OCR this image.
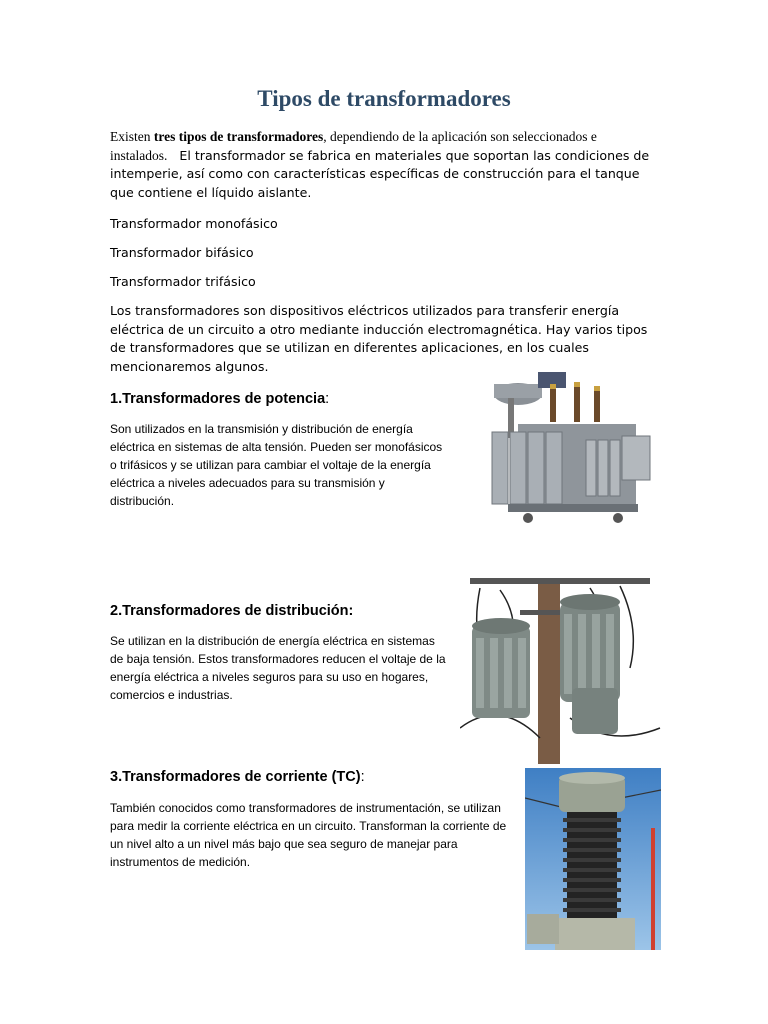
Tipos de transformadores

Existen tres tipos de transformadores, dependiendo de la aplicación son seleccionados e instalados. El transformador se fabrica en materiales que soportan las condiciones de intemperie, así como con características específicas de construcción para el tanque que contiene el líquido aislante.

Transformador monofásico

Transformador bifásico

Transformador trifásico

Los transformadores son dispositivos eléctricos utilizados para transferir energía eléctrica de un circuito a otro mediante inducción electromagnética. Hay varios tipos de transformadores que se utilizan en diferentes aplicaciones, en los cuales mencionaremos algunos.

1.Transformadores de potencia:

Son utilizados en la transmisión y distribución de energía eléctrica en sistemas de alta tensión. Pueden ser monofásicos o trifásicos y se utilizan para cambiar el voltaje de la energía eléctrica a niveles adecuados para su transmisión y distribución.

2.Transformadores de distribución:

Se utilizan en la distribución de energía eléctrica en sistemas de baja tensión. Estos transformadores reducen el voltaje de la energía eléctrica a niveles seguros para su uso en hogares, comercios e industrias.

3.Transformadores de corriente (TC):

También conocidos como transformadores de instrumentación, se utilizan para medir la corriente eléctrica en un circuito. Transforman la corriente de un nivel alto a un nivel más bajo que sea seguro de manejar para instrumentos de medición.
